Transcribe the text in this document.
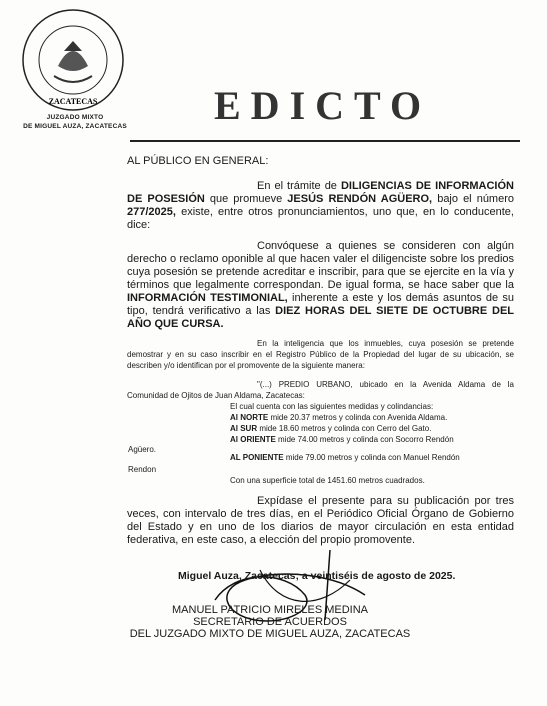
ZACATECAS
JUZGADO MIXTO
DE MIGUEL AUZA, ZACATECAS	EDICTO
AL PÚBLICO EN GENERAL:

En el trámite de DILIGENCIAS DE INFORMACIÓN DE POSESIÓN que promueve JESÚS RENDÓN AGÜERO, bajo el número 277/2025, existe, entre otros pronunciamientos, uno que, en lo conducente, dice:

Convóquese a quienes se consideren con algún derecho o reclamo oponible al que hacen valer el diligenciste sobre los predios cuya posesión se pretende acreditar e inscribir, para que se ejercite en la vía y términos que legalmente correspondan. De igual forma, se hace saber que la INFORMACIÓN TESTIMONIAL, inherente a este y los demás asuntos de su tipo, tendrá verificativo a las DIEZ HORAS DEL SIETE DE OCTUBRE DEL AÑO QUE CURSA.

En la inteligencia que los inmuebles, cuya posesión se pretende demostrar y en su caso inscribir en el Registro Público de la Propiedad del lugar de su ubicación, se describen y/o identifican por el promovente de la siguiente manera:

"(...) PREDIO URBANO, ubicado en la Avenida Aldama de la Comunidad de Ojitos de Juan Aldama, Zacatecas:

El cual cuenta con las siguientes medidas y colindancias:
Al NORTE mide 20.37 metros y colinda con Avenida Aldama.
Al SUR mide 18.60 metros y colinda con Cerro del Gato.
Al ORIENTE mide 74.00 metros y colinda con Socorro Rendón
Agüero.
AL PONIENTE mide 79.00 metros y colinda con Manuel Rendón
Rendon
Con una superficie total de 1451.60 metros cuadrados.

Expídase el presente para su publicación por tres veces, con intervalo de tres días, en el Periódico Oficial Órgano de Gobierno del Estado y en uno de los diarios de mayor circulación en esta entidad federativa, en este caso, a elección del propio promovente.

Miguel Auza, Zacatecas; a veintiséis de agosto de 2025.
MANUEL PATRICIO MIRELES MEDINA
SECRETARIO DE ACUERDOS
DEL JUZGADO MIXTO DE MIGUEL AUZA, ZACATECAS
